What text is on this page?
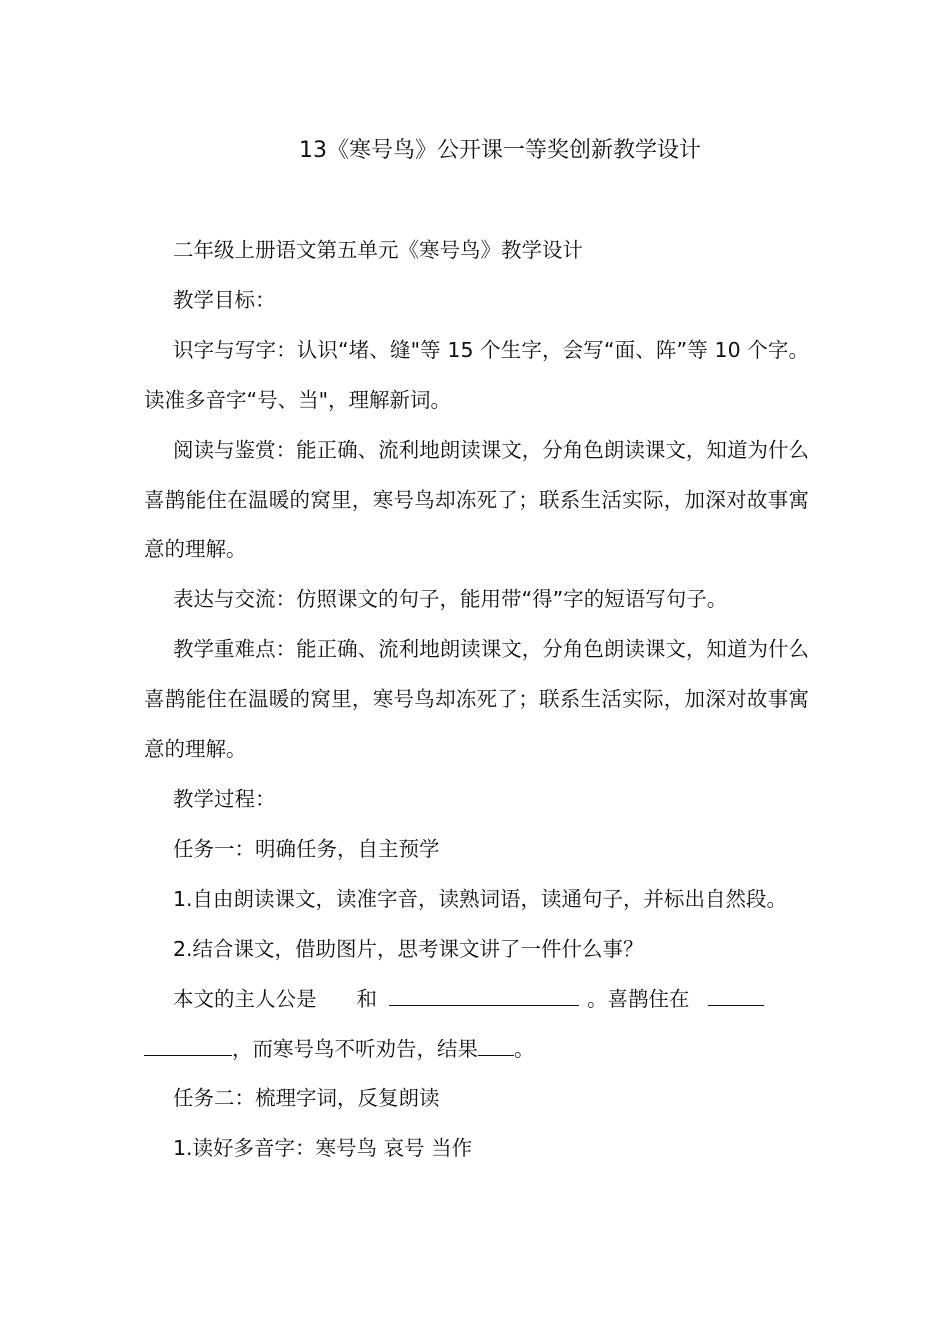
13《寒号鸟》公开课一等奖创新教学设计

二年级上册语文第五单元《寒号鸟》教学设计

教学目标：

识字与写字：认识“堵、缝"等 15 个生字，会写“面、阵”等 10 个字。读准多音字“号、当"，理解新词。

阅读与鉴赏：能正确、流利地朗读课文，分角色朗读课文，知道为什么喜鹊能住在温暖的窝里，寒号鸟却冻死了；联系生活实际，加深对故事寓意的理解。

表达与交流：仿照课文的句子，能用带“得”字的短语写句子。

教学重难点：能正确、流利地朗读课文，分角色朗读课文，知道为什么喜鹊能住在温暖的窝里，寒号鸟却冻死了；联系生活实际，加深对故事寓意的理解。

教学过程：

任务一：明确任务，自主预学

1.自由朗读课文，读准字音，读熟词语，读通句子，并标出自然段。

2.结合课文，借助图片，思考课文讲了一件什么事？

本文的主人公是 和	。喜鹊住在
，而寒号鸟不听劝告，结果 。

任务二：梳理字词，反复朗读

1.读好多音字：寒号鸟 哀号 当作
